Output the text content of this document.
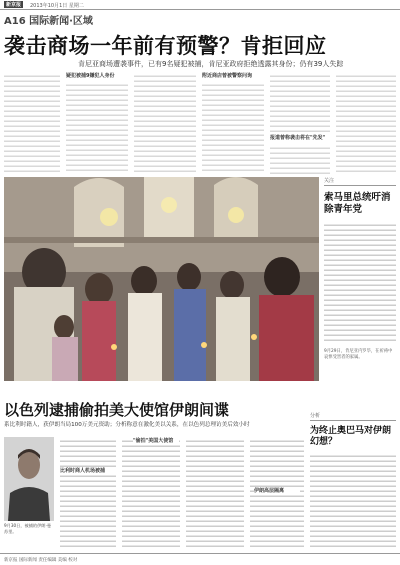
新京报	2013年10月1日 星期二
A16 国际新闻·区域
袭击商场一年前有预警？肯拒回应
肯尼亚商场遭袭事件，已有9名疑犯被捕，肯尼亚政府拒绝透露其身份；仍有39人失踪
疑犯被捕9嫌犯人身份	附近商店曾被警察问询
报道曾称袭击将在"先发"
关注
索马里总统吁消除青年党
9月29日，肯尼亚内罗毕，在祈祷中哀悼受害者的家属。
以色列逮捕偷拍美大使馆伊朗间谍
系比利时籍人，获伊朗当局100万美元资助；分析称意在激化美以关系，在以色列总理访美后效小时
9月30日，被捕的伊朗·曼苏里。
比利时商人机场被捕
"偷拍"美国大使馆
伊朗高层隔离
分析
为终止奥巴马对伊朗幻想？
新京报 国际新闻 责任编辑 美编 校对
